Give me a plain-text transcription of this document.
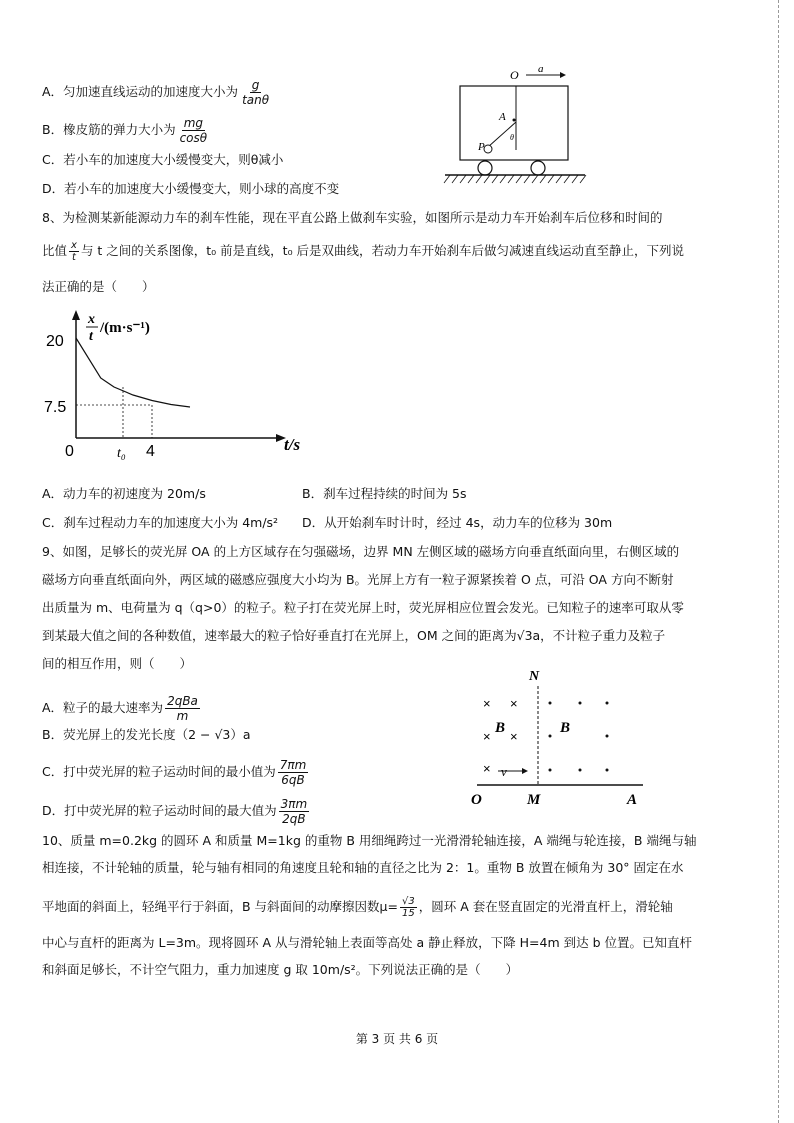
A．匀加速直线运动的加速度大小为 $\frac{g}{\tan\theta}$
B．橡皮筋的弹力大小为 $\frac{mg}{\cos\theta}$
C．若小车的加速度大小缓慢变大，则θ减小
D．若小车的加速度大小缓慢变大，则小球的高度不变
O a
A
P
θ
8、为检测某新能源动力车的刹车性能，现在平直公路上做刹车实验，如图所示是动力车开始刹车后位移和时间的
比值 $\frac{x}{t}$ 与 t 之间的关系图像，t₀ 前是直线，t₀ 后是双曲线，若动力车开始刹车后做匀减速直线运动直至静止，下列说
法正确的是（　　）
x
t
/(m·s⁻¹)
20
7.5
0	t₀ 4	t/s
A．动力车的初速度为 20m/s	B．刹车过程持续的时间为 5s
C．刹车过程动力车的加速度大小为 4m/s² D．从开始刹车时计时，经过 4s，动力车的位移为 30m
9、如图，足够长的荧光屏 OA 的上方区域存在匀强磁场，边界 MN 左侧区域的磁场方向垂直纸面向里，右侧区域的
磁场方向垂直纸面向外，两区域的磁感应强度大小均为 B。光屏上方有一粒子源紧挨着 O 点，可沿 OA 方向不断射
出质量为 m、电荷量为 q（q>0）的粒子。粒子打在荧光屏上时，荧光屏相应位置会发光。已知粒子的速率可取从零
到某最大值之间的各种数值，速率最大的粒子恰好垂直打在光屏上，OM 之间的距离为√3a，不计粒子重力及粒子
间的相互作用，则（　　）
A．粒子的最大速率为 $\frac{\text{2qBa}}{m}$
B．荧光屏上的发光长度（2 − √3）a
C．打中荧光屏的粒子运动时间的最小值为 $\frac{7\pi m}{6qB}$
D．打中荧光屏的粒子运动时间的最大值为 $\frac{3\pi m}{2qB}$
N
× ×
× ×
×
B	B
v
O	M	A
10、质量 m=0.2kg 的圆环 A 和质量 M=1kg 的重物 B 用细绳跨过一光滑滑轮轴连接，A 端绳与轮连接，B 端绳与轴
相连接，不计轮轴的质量，轮与轴有相同的角速度且轮和轴的直径之比为 2：1。重物 B 放置在倾角为 30° 固定在水
平地面的斜面上，轻绳平行于斜面，B 与斜面间的动摩擦因数$\mu= \frac{√3}{15}$ ，圆环 A 套在竖直固定的光滑直杆上，滑轮轴
中心与直杆的距离为 L=3m。现将圆环 A 从与滑轮轴上表面等高处 a 静止释放，下降 H=4m 到达 b 位置。已知直杆
和斜面足够长，不计空气阻力，重力加速度 g 取 10m/s²。下列说法正确的是（　　）
第 3 页 共 6 页
